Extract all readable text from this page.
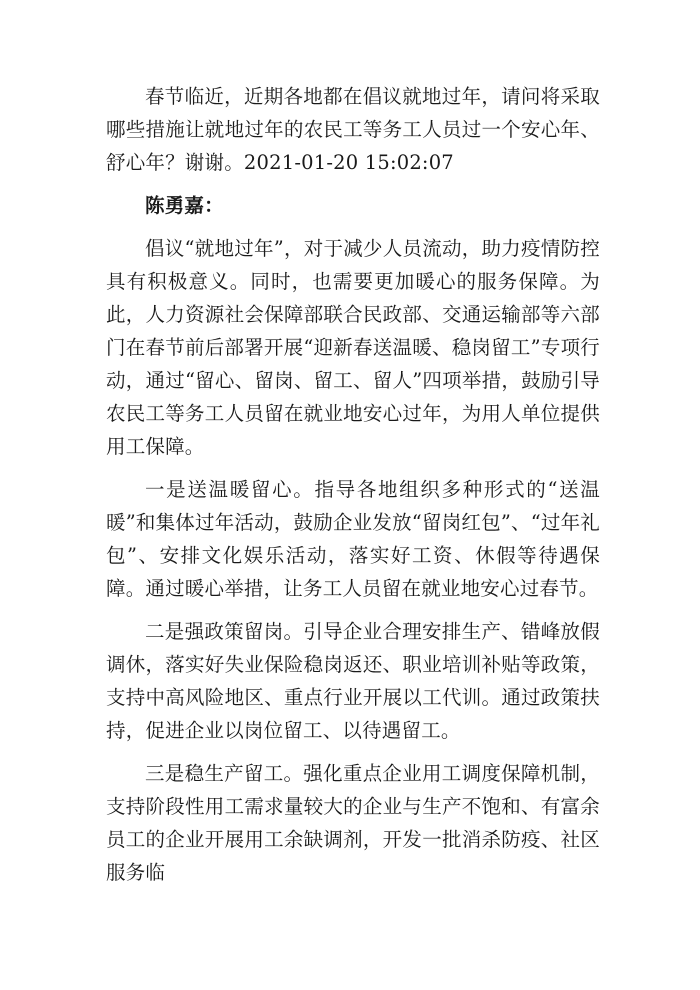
春节临近，近期各地都在倡议就地过年，请问将采取哪些措施让就地过年的农民工等务工人员过一个安心年、舒心年？谢谢。2021-01-20 15:02:07

陈勇嘉：

倡议“就地过年”，对于减少人员流动，助力疫情防控具有积极意义。同时，也需要更加暖心的服务保障。为此，人力资源社会保障部联合民政部、交通运输部等六部门在春节前后部署开展“迎新春送温暖、稳岗留工”专项行动，通过“留心、留岗、留工、留人”四项举措，鼓励引导农民工等务工人员留在就业地安心过年，为用人单位提供用工保障。

一是送温暖留心。指导各地组织多种形式的“送温暖”和集体过年活动，鼓励企业发放“留岗红包”、“过年礼包”、安排文化娱乐活动，落实好工资、休假等待遇保障。通过暖心举措，让务工人员留在就业地安心过春节。

二是强政策留岗。引导企业合理安排生产、错峰放假调休，落实好失业保险稳岗返还、职业培训补贴等政策，支持中高风险地区、重点行业开展以工代训。通过政策扶持，促进企业以岗位留工、以待遇留工。

三是稳生产留工。强化重点企业用工调度保障机制，支持阶段性用工需求量较大的企业与生产不饱和、有富余员工的企业开展用工余缺调剂，开发一批消杀防疫、社区服务临
